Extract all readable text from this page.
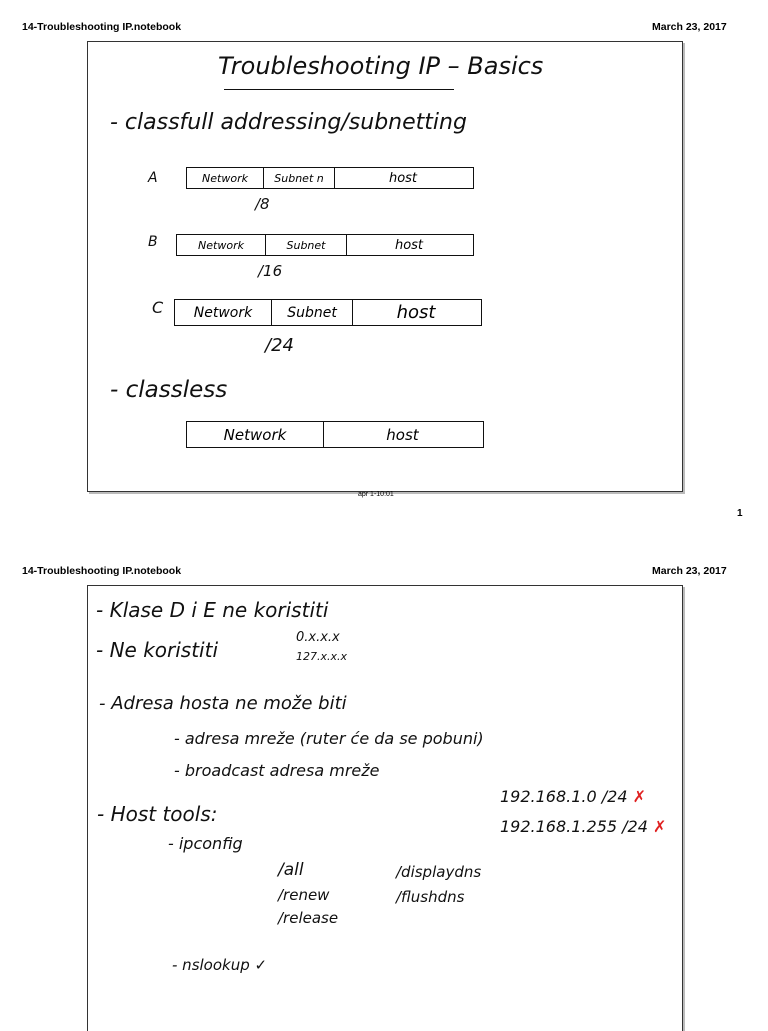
14-Troubleshooting IP.notebook	March 23, 2017
Troubleshooting IP – Basics
- classfull addressing/subnetting
A	Network	Subnet n	host
/8
B	Network	Subnet	host
/16
C	Network	Subnet	host
/24
- classless
Network	host
apr 1-10:01
1
14-Troubleshooting IP.notebook	March 23, 2017
- Klase D i E ne koristiti
- Ne koristiti
0.x.x.x
127.x.x.x
- Adresa hosta ne može biti
- adresa mreže (ruter će da se pobuni)
- broadcast adresa mreže
- Host tools:
- ipconfig
192.168.1.0 /24 ✗
192.168.1.255 /24 ✗
/all
/renew
/release
/displaydns
/flushdns
- nslookup ✓
